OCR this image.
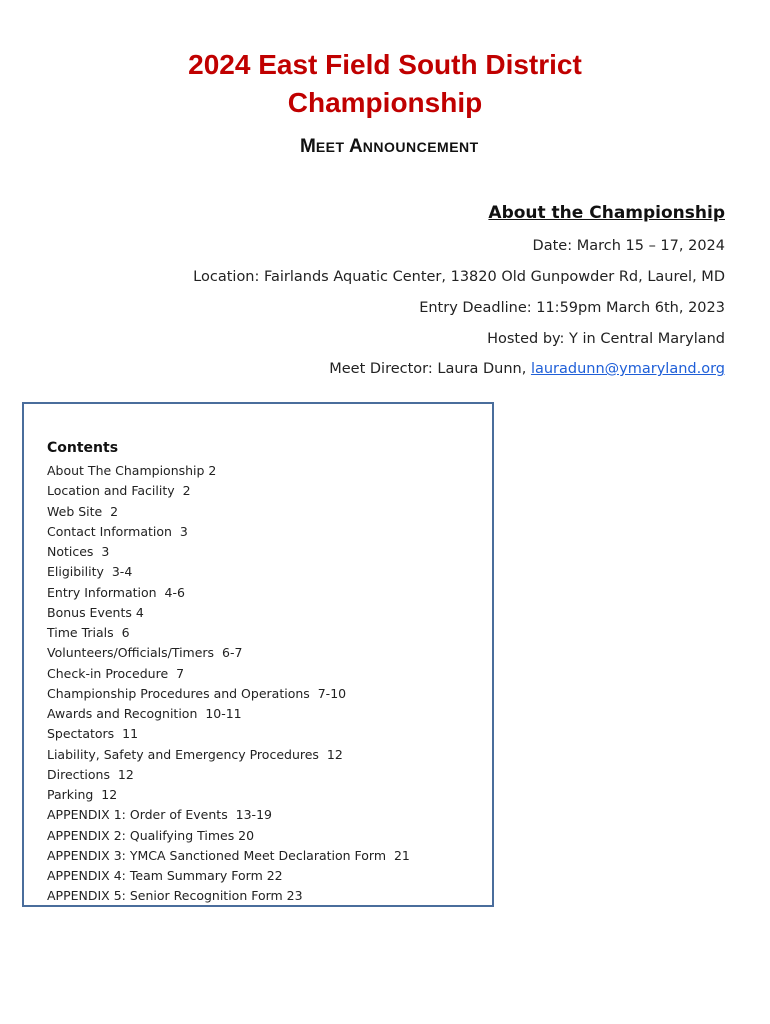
2024 East Field South District
Championship
MEET ANNOUNCEMENT
About the Championship
Date: March 15 – 17, 2024
Location: Fairlands Aquatic Center, 13820 Old Gunpowder Rd, Laurel, MD
Entry Deadline: 11:59pm March 6th, 2023
Hosted by: Y in Central Maryland
Meet Director: Laura Dunn, lauradunn@ymaryland.org
Contents
About The Championship 2
Location and Facility  2
Web Site  2
Contact Information  3
Notices  3
Eligibility  3-4
Entry Information  4-6
Bonus Events 4
Time Trials  6
Volunteers/Officials/Timers  6-7
Check-in Procedure  7
Championship Procedures and Operations  7-10
Awards and Recognition  10-11
Spectators  11
Liability, Safety and Emergency Procedures  12
Directions  12
Parking  12
APPENDIX 1: Order of Events  13-19
APPENDIX 2: Qualifying Times 20
APPENDIX 3: YMCA Sanctioned Meet Declaration Form  21
APPENDIX 4: Team Summary Form 22
APPENDIX 5: Senior Recognition Form 23
